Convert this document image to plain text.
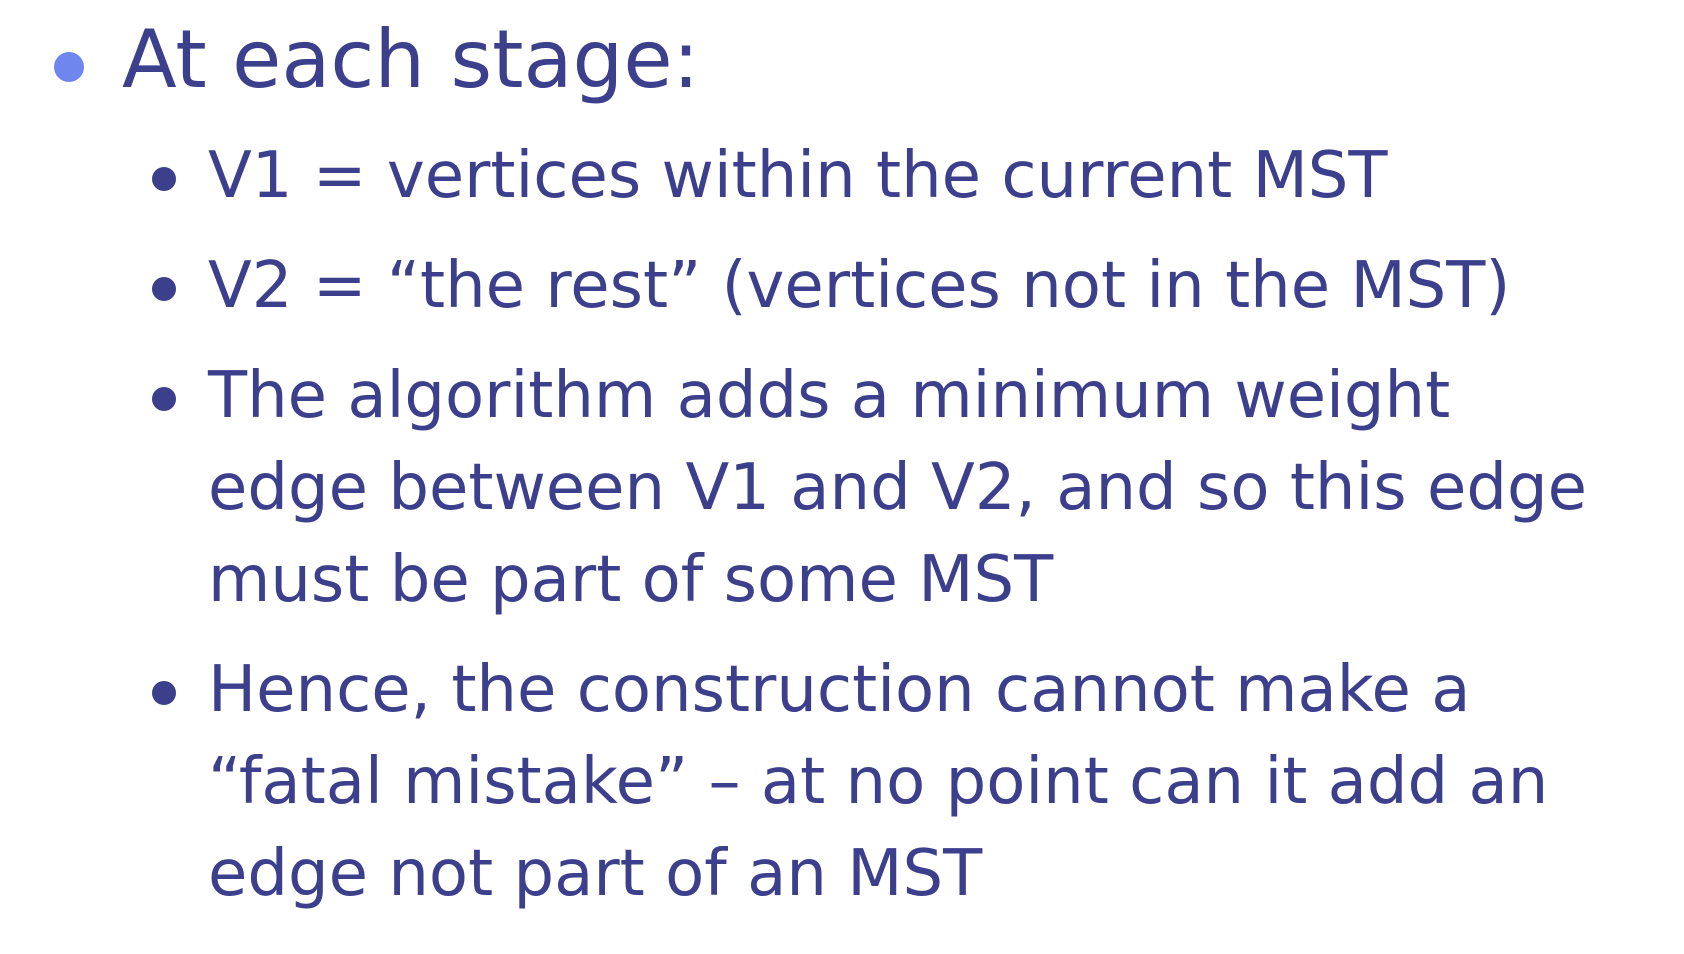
At each stage:
V1 = vertices within the current MST
V2 = “the rest” (vertices not in the MST)
The algorithm adds a minimum weight
edge between V1 and V2, and so this edge
must be part of some MST
Hence, the construction cannot make a
“fatal mistake” – at no point can it add an
edge not part of an MST
